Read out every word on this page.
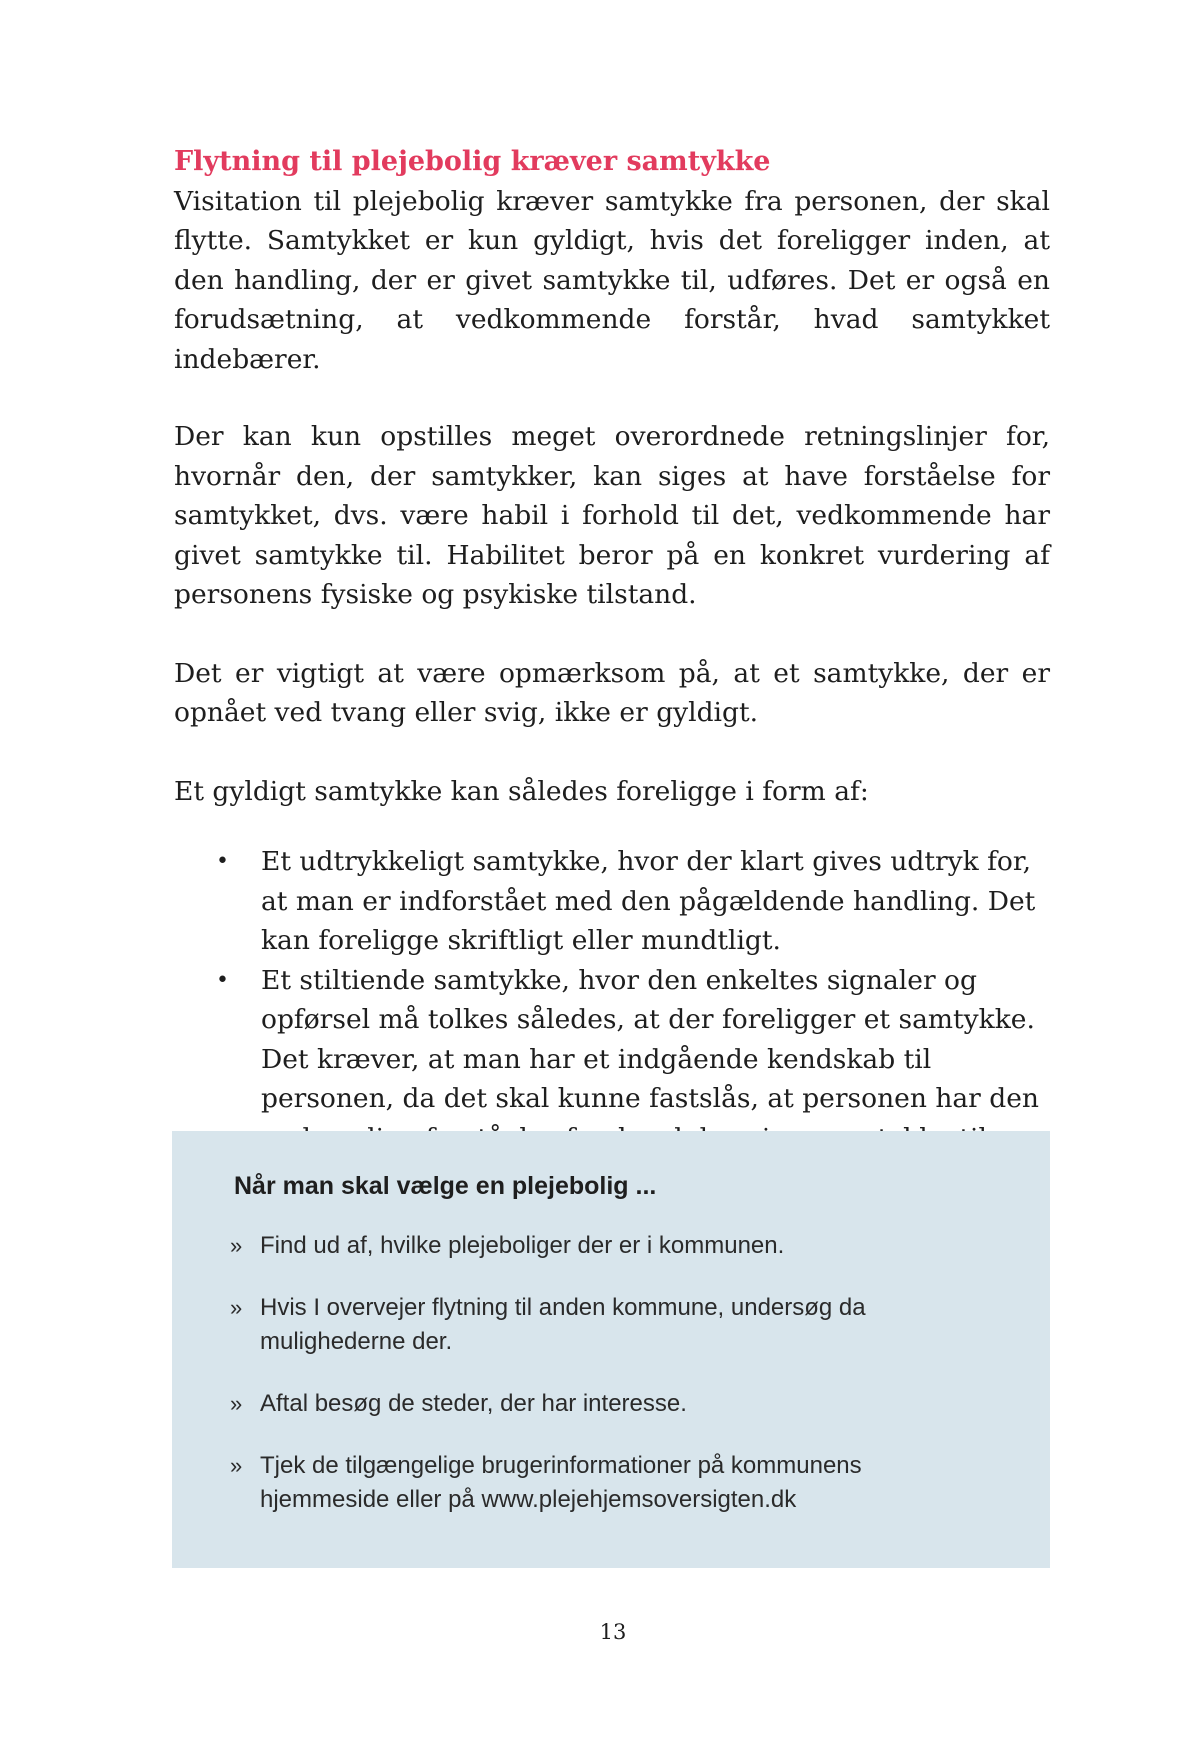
Flytning til plejebolig kræver samtykke

Visitation til plejebolig kræver samtykke fra personen, der skal flytte. Samtykket er kun gyldigt, hvis det foreligger inden, at den handling, der er givet samtykke til, udføres. Det er også en forudsætning, at vedkommende forstår, hvad samtykket indebærer.

Der kan kun opstilles meget overordnede retningslinjer for, hvornår den, der samtykker, kan siges at have forståelse for samtykket, dvs. være habil i forhold til det, vedkommende har givet samtykke til. Habilitet beror på en konkret vurdering af personens fysiske og psykiske tilstand.

Det er vigtigt at være opmærksom på, at et samtykke, der er opnået ved tvang eller svig, ikke er gyldigt.

Et gyldigt samtykke kan således foreligge i form af:

• Et udtrykkeligt samtykke, hvor der klart gives udtryk for, at man er indforstået med den pågældende handling. Det kan foreligge skriftligt eller mundtligt.
• Et stiltiende samtykke, hvor den enkeltes signaler og opførsel må tolkes således, at der foreligger et samtykke. Det kræver, at man har et indgående kendskab til personen, da det skal kunne fastslås, at personen har den
Når man skal vælge en plejebolig ...
» Find ud af, hvilke plejeboliger der er i kommunen.
» Hvis I overvejer flytning til anden kommune, undersøg da mulighederne der.
» Aftal besøg de steder, der har interesse.
» Tjek de tilgængelige brugerinformationer på kommunens hjemmeside eller på www.plejehjemsoversigten.dk
13
